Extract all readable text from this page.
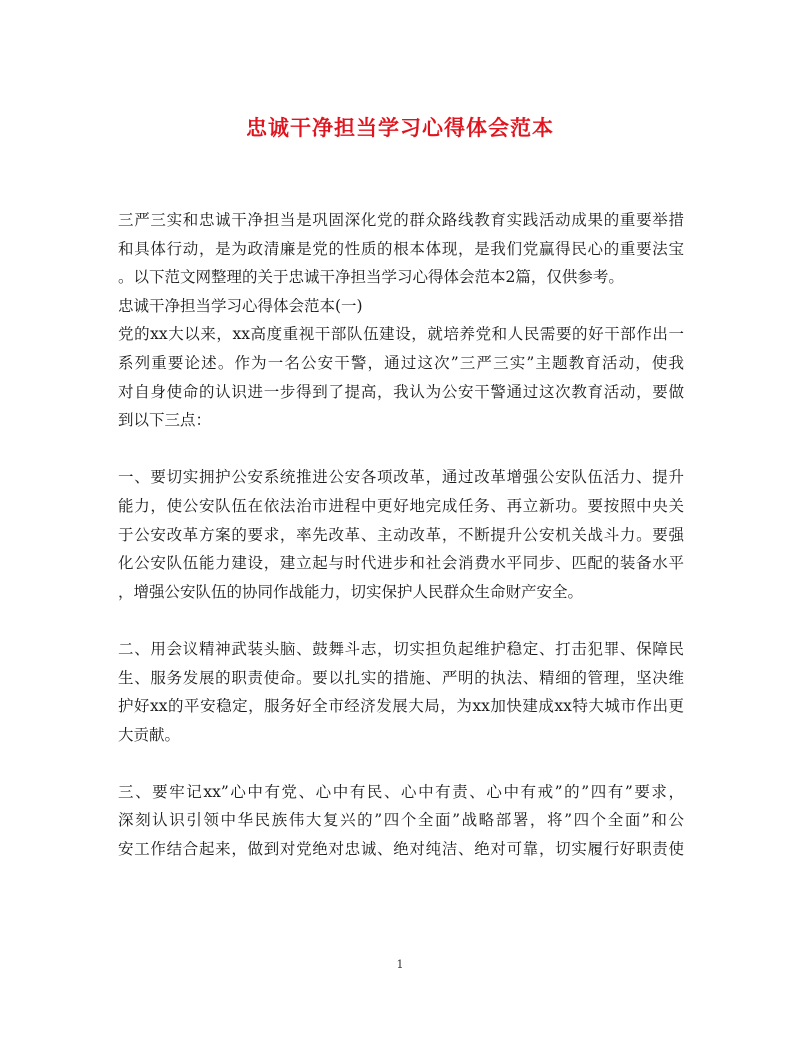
忠诚干净担当学习心得体会范本
三严三实和忠诚干净担当是巩固深化党的群众路线教育实践活动成果的重要举措
和具体行动，是为政清廉是党的性质的根本体现，是我们党赢得民心的重要法宝
。以下范文网整理的关于忠诚干净担当学习心得体会范本2篇，仅供参考。
忠诚干净担当学习心得体会范本(一)
党的xx大以来，xx高度重视干部队伍建设，就培养党和人民需要的好干部作出一
系列重要论述。作为一名公安干警，通过这次”三严三实”主题教育活动，使我
对自身使命的认识进一步得到了提高，我认为公安干警通过这次教育活动，要做
到以下三点：
一、要切实拥护公安系统推进公安各项改革，通过改革增强公安队伍活力、提升
能力，使公安队伍在依法治市进程中更好地完成任务、再立新功。要按照中央关
于公安改革方案的要求，率先改革、主动改革，不断提升公安机关战斗力。要强
化公安队伍能力建设，建立起与时代进步和社会消费水平同步、匹配的装备水平
，增强公安队伍的协同作战能力，切实保护人民群众生命财产安全。
二、用会议精神武装头脑、鼓舞斗志，切实担负起维护稳定、打击犯罪、保障民
生、服务发展的职责使命。要以扎实的措施、严明的执法、精细的管理，坚决维
护好xx的平安稳定，服务好全市经济发展大局，为xx加快建成xx特大城市作出更
大贡献。
三、要牢记xx”心中有党、心中有民、心中有责、心中有戒”的”四有”要求，
深刻认识引领中华民族伟大复兴的”四个全面”战略部署，将”四个全面”和公
安工作结合起来，做到对党绝对忠诚、绝对纯洁、绝对可靠，切实履行好职责使
1
